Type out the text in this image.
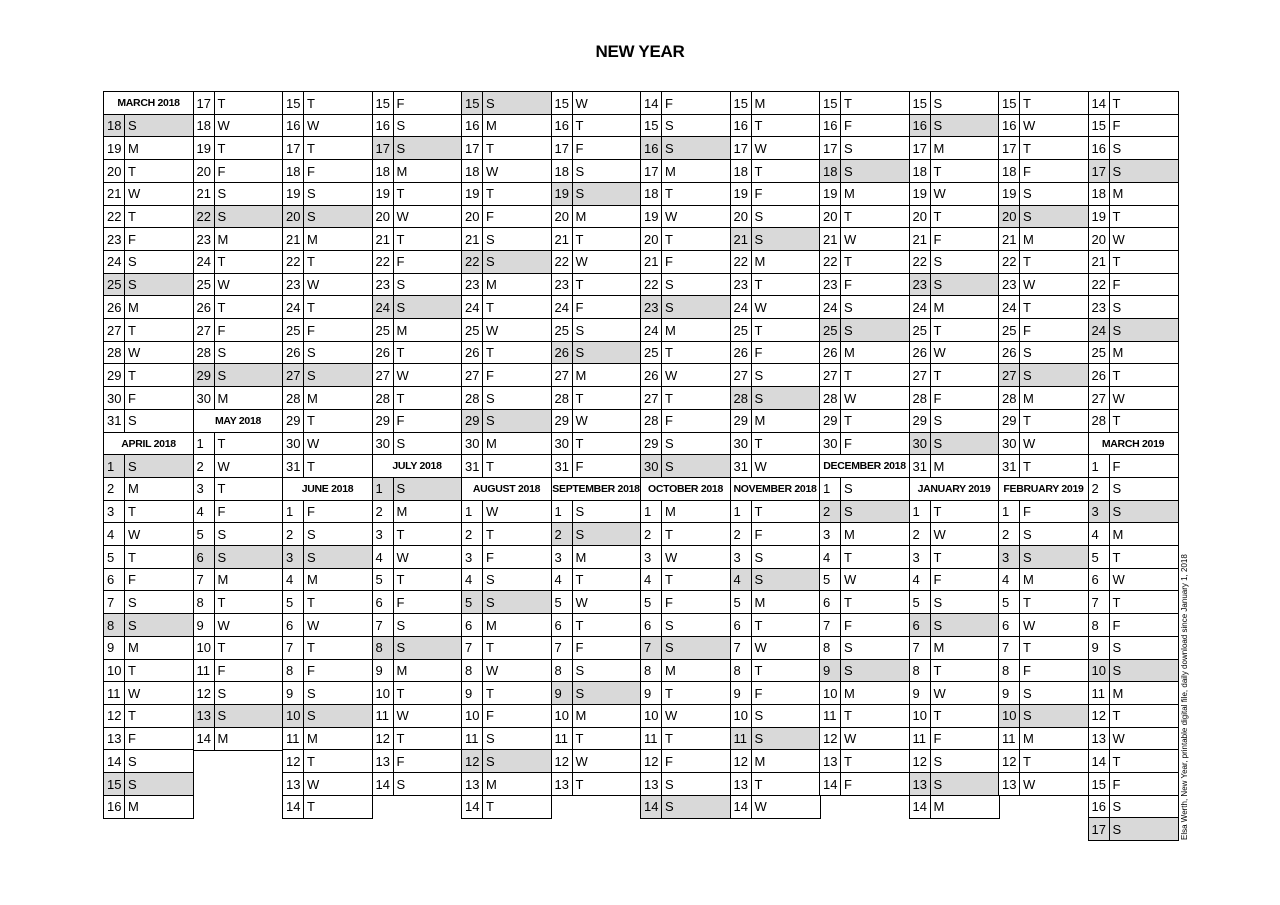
NEW YEAR
MARCH 2018
18 S
19 M
20 T
21 W
22 T
23 F
24 S
25 S
26 M
27 T
28 W
29 T
30 F
31 S
APRIL 2018
1	S
2	M
3	T
4	W
5	T
6	F
7	S
8	S
9	M
10 T
11 W
12 T
13 F
14 S
15 S
16 M
17 T
18 W
19 T
20 F
21 S
22 S
23 M
24 T
25 W
26 T
27 F
28 S
29 S
30 M
MAY 2018
1	T
2	W
3	T
4	F
5	S
6	S
7	M
8	T
9	W
10 T
11 F
12 S
13 S
14 M
15 T
16 W
17 T
18 F
19 S
20 S
21 M
22 T
23 W
24 T
25 F
26 S
27 S
28 M
29 T
30 W
31 T
JUNE 2018
1	F
2	S
3	S
4	M
5	T
6	W
7	T
8	F
9	S
10 S
11 M
12 T
13 W
14 T
15 F
16 S
17 S
18 M
19 T
20 W
21 T
22 F
23 S
24 S
25 M
26 T
27 W
28 T
29 F
30 S
JULY 2018
1	S
2	M
3	T
4	W
5	T
6	F
7	S
8	S
9	M
10 T
11 W
12 T
13 F
14 S
15 S
16 M
17 T
18 W
19 T
20 F
21 S
22 S
23 M
24 T
25 W
26 T
27 F
28 S
29 S
30 M
31 T
AUGUST 2018
1	W
2	T
3	F
4	S
5	S
6	M
7	T
8	W
9	T
10 F
11 S
12 S
13 M
14 T
15 W
16 T
17 F
18 S
19 S
20 M
21 T
22 W
23 T
24 F
25 S
26 S
27 M
28 T
29 W
30 T
31 F
SEPTEMBER 2018
1	S
2	S
3	M
4	T
5	W
6	T
7	F
8	S
9	S
10 M
11 T
12 W
13 T
14 F
15 S
16 S
17 M
18 T
19 W
20 T
21 F
22 S
23 S
24 M
25 T
26 W
27 T
28 F
29 S
30 S
OCTOBER 2018
1	M
2	T
3	W
4	T
5	F
6	S
7	S
8	M
9	T
10 W
11 T
12 F
13 S
14 S
15 M
16 T
17 W
18 T
19 F
20 S
21 S
22 M
23 T
24 W
25 T
26 F
27 S
28 S
29 M
30 T
31 W
NOVEMBER 2018
1	T
2	F
3	S
4	S
5	M
6	T
7	W
8	T
9	F
10 S
11 S
12 M
13 T
14 W
15 T
16 F
17 S
18 S
19 M
20 T
21 W
22 T
23 F
24 S
25 S
26 M
27 T
28 W
29 T
30 F
DECEMBER 2018
1	S
2	S
3	M
4	T
5	W
6	T
7	F
8	S
9	S
10 M
11 T
12 W
13 T
14 F
15 S
16 S
17 M
18 T
19 W
20 T
21 F
22 S
23 S
24 M
25 T
26 W
27 T
28 F
29 S
30 S
31 M
JANUARY 2019
1	T
2	W
3	T
4	F
5	S
6	S
7	M
8	T
9	W
10 T
11 F
12 S
13 S
14 M
15 T
16 W
17 T
18 F
19 S
20 S
21 M
22 T
23 W
24 T
25 F
26 S
27 S
28 M
29 T
30 W
31 T
FEBRUARY 2019
1	F
2	S
3	S
4	M
5	T
6	W
7	T
8	F
9	S
10 S
11 M
12 T
13 W
14 T
15 F
16 S
17 S
18 M
19 T
20 W
21 T
22 F
23 S
24 S
25 M
26 T
27 W
28 T
MARCH 2019
1	F
2	S
3	S
4	M
5	T
6	W
7	T
8	F
9	S
10 S
11 M
12 T
13 W
14 T
15 F
16 S
17 S	Elsa Werth, New Year, printable digital file, daily download since January 1, 2018
